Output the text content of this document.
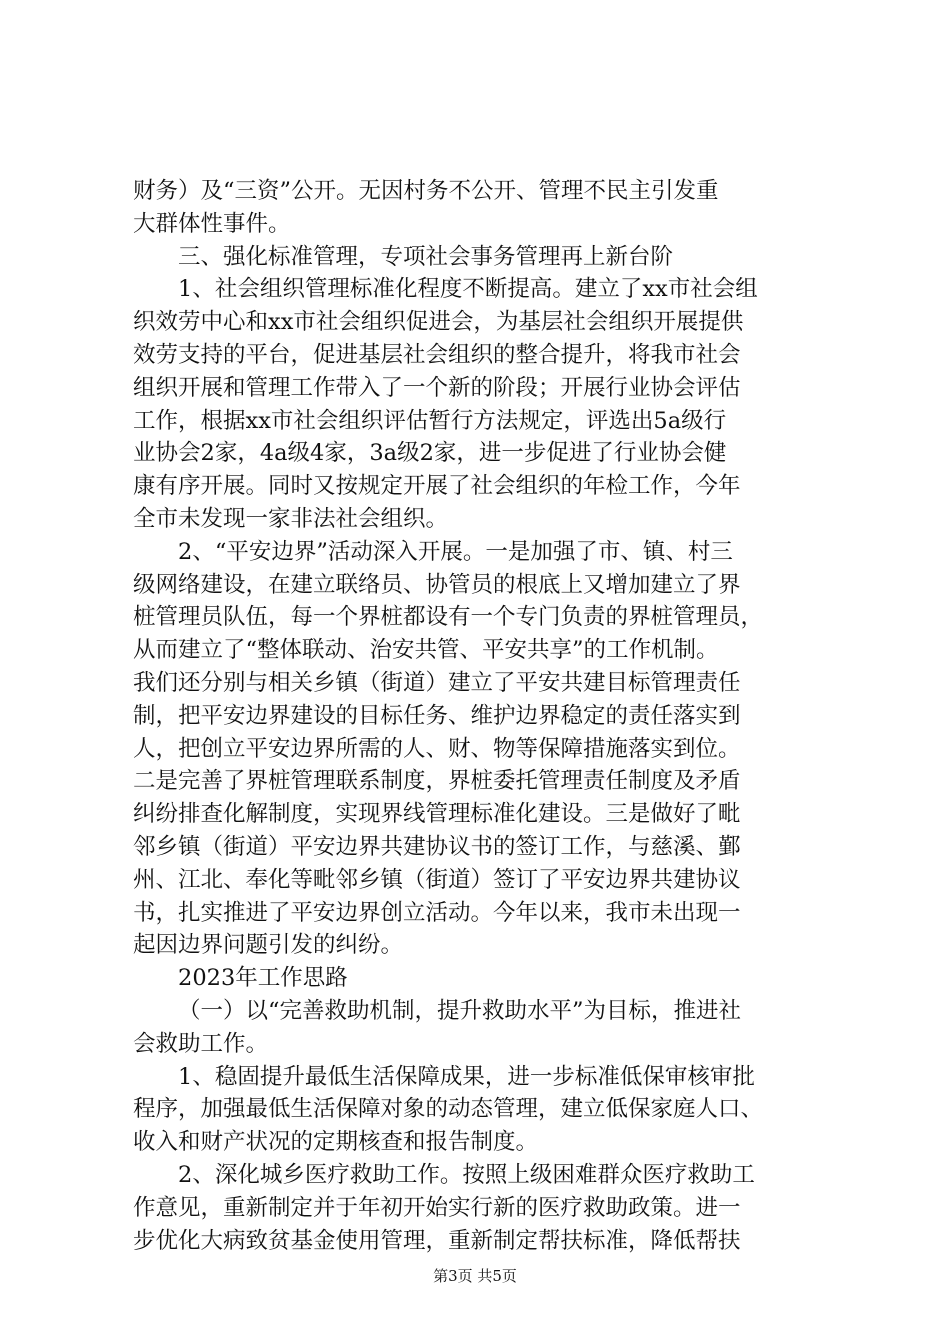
财务）及“三资”公开。无因村务不公开、管理不民主引发重
大群体性事件。
三、强化标准管理，专项社会事务管理再上新台阶
1、社会组织管理标准化程度不断提高。建立了xx市社会组
织效劳中心和xx市社会组织促进会，为基层社会组织开展提供
效劳支持的平台，促进基层社会组织的整合提升，将我市社会
组织开展和管理工作带入了一个新的阶段；开展行业协会评估
工作，根据xx市社会组织评估暂行方法规定，评选出5a级行
业协会2家，4a级4家，3a级2家，进一步促进了行业协会健
康有序开展。同时又按规定开展了社会组织的年检工作，今年
全市未发现一家非法社会组织。
2、“平安边界”活动深入开展。一是加强了市、镇、村三
级网络建设，在建立联络员、协管员的根底上又增加建立了界
桩管理员队伍，每一个界桩都设有一个专门负责的界桩管理员，
从而建立了“整体联动、治安共管、平安共享”的工作机制。
我们还分别与相关乡镇（街道）建立了平安共建目标管理责任
制，把平安边界建设的目标任务、维护边界稳定的责任落实到
人，把创立平安边界所需的人、财、物等保障措施落实到位。
二是完善了界桩管理联系制度，界桩委托管理责任制度及矛盾
纠纷排查化解制度，实现界线管理标准化建设。三是做好了毗
邻乡镇（街道）平安边界共建协议书的签订工作，与慈溪、鄞
州、江北、奉化等毗邻乡镇（街道）签订了平安边界共建协议
书，扎实推进了平安边界创立活动。今年以来，我市未出现一
起因边界问题引发的纠纷。
2023年工作思路
（一）以“完善救助机制，提升救助水平”为目标，推进社
会救助工作。
1、稳固提升最低生活保障成果，进一步标准低保审核审批
程序，加强最低生活保障对象的动态管理，建立低保家庭人口、
收入和财产状况的定期核查和报告制度。
2、深化城乡医疗救助工作。按照上级困难群众医疗救助工
作意见，重新制定并于年初开始实行新的医疗救助政策。进一
步优化大病致贫基金使用管理，重新制定帮扶标准，降低帮扶
第3页 共5页
